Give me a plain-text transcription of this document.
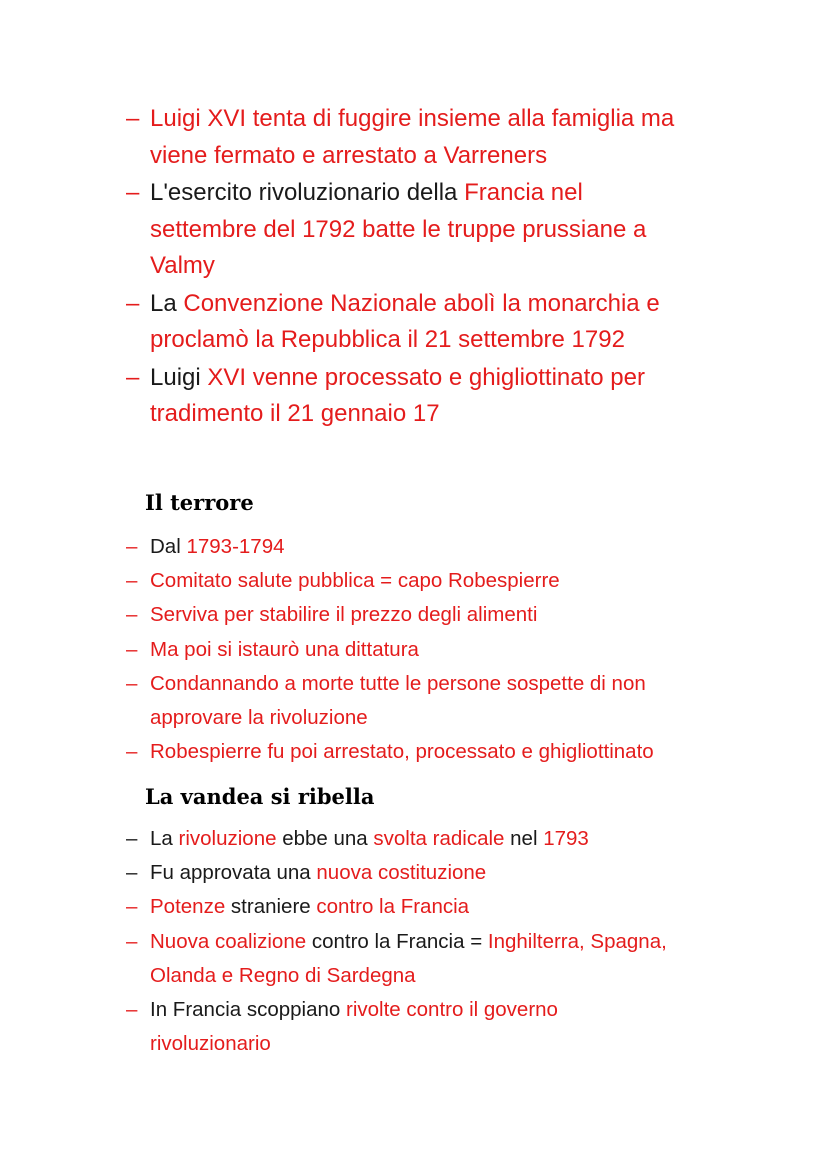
– Luigi XVI tenta di fuggire insieme alla famiglia ma
viene fermato e arrestato a Varreners
– L'esercito rivoluzionario della Francia nel
settembre del 1792 batte le truppe prussiane a
Valmy
– La Convenzione Nazionale abolì la monarchia e
proclamò la Repubblica il 21 settembre 1792
– Luigi XVI venne processato e ghigliottinato per
tradimento il 21 gennaio 17
Il terrore
– Dal 1793-1794
– Comitato salute pubblica = capo Robespierre
– Serviva per stabilire il prezzo degli alimenti
– Ma poi si istaurò una dittatura
– Condannando a morte tutte le persone sospette di non
approvare la rivoluzione
– Robespierre fu poi arrestato, processato e ghigliottinato
La vandea si ribella
– La rivoluzione ebbe una svolta radicale nel 1793
– Fu approvata una nuova costituzione
– Potenze straniere contro la Francia
– Nuova coalizione contro la Francia = Inghilterra, Spagna,
Olanda e Regno di Sardegna
– In Francia scoppiano rivolte contro il governo
rivoluzionario
